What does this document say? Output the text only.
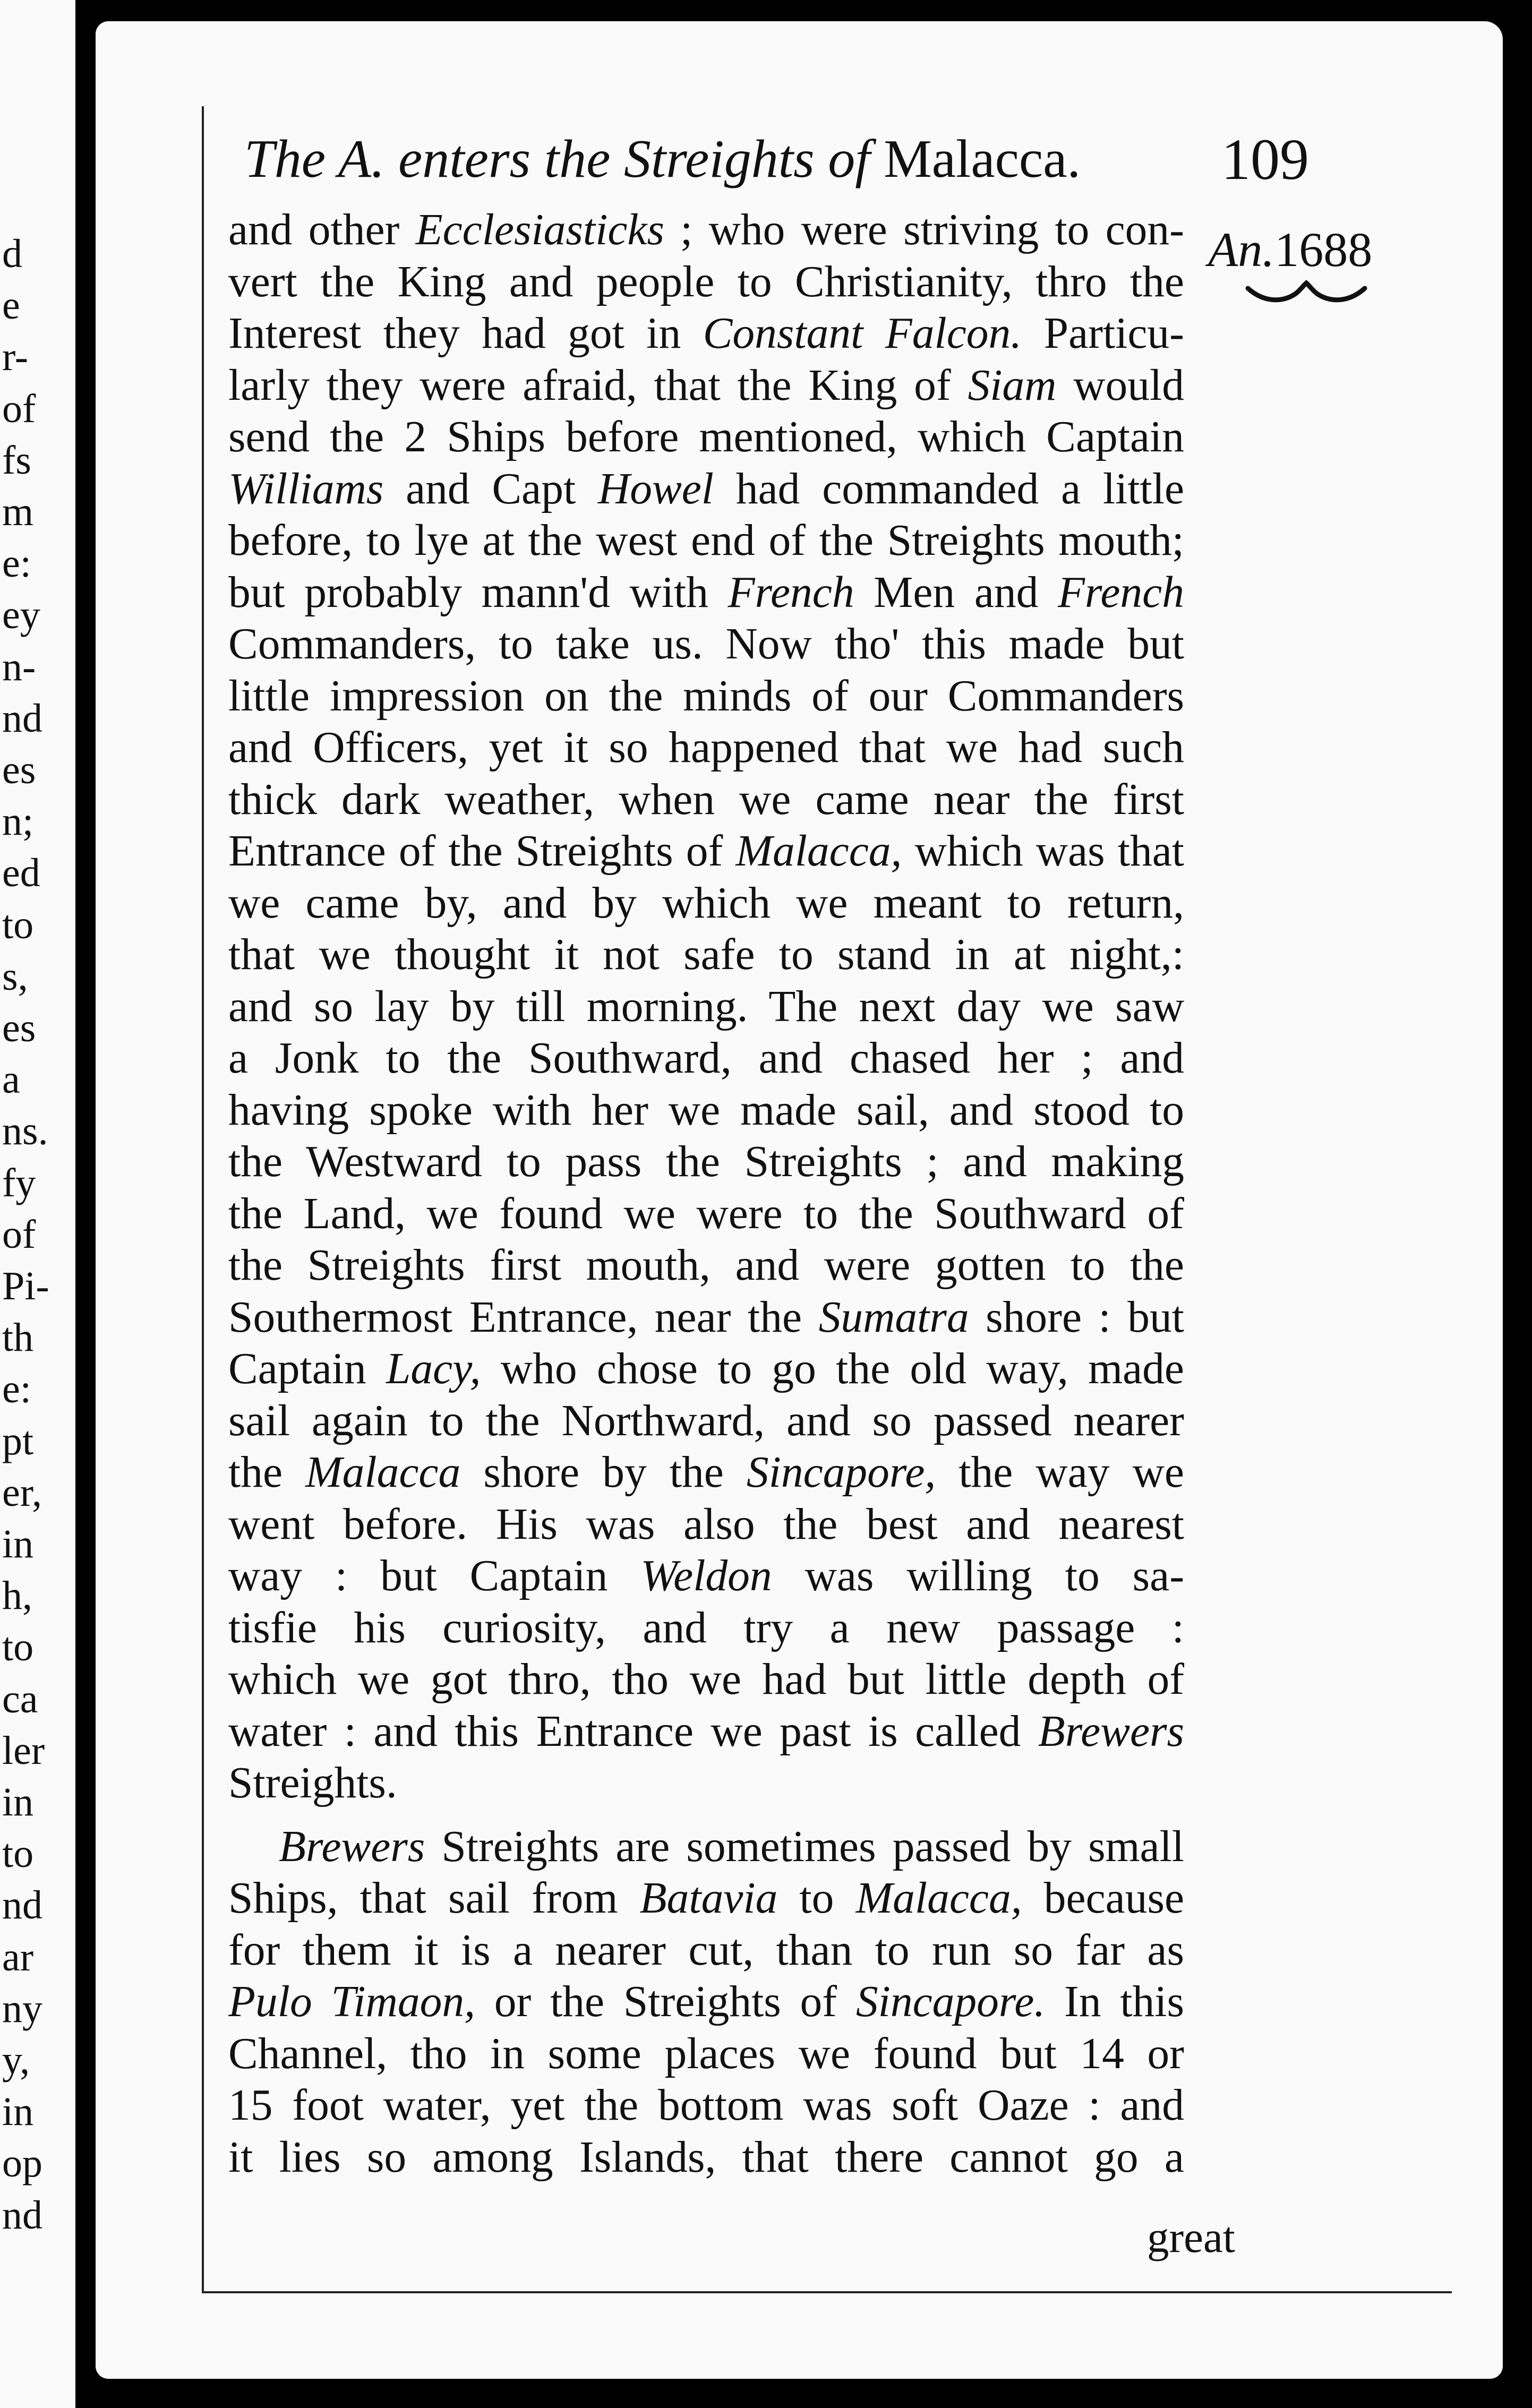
d
e
r-
of
fs
m
e:
ey
n-
nd
es
n;
ed
to
s,
es
a
ns.
fy
of
Pi-
th
e:
pt
er,
in
h,
to
ca
ler
in
to
nd
ar
ny
y,
in
op
nd
The A. enters the Streights of Malacca.	109
An.1688
and other Ecclesiasticks ; who were striving to con-
vert the King and people to Christianity, thro the
Interest they had got in Constant Falcon. Particu-
larly they were afraid, that the King of Siam would
send the 2 Ships before mentioned, which Captain
Williams and Capt Howel had commanded a little
before, to lye at the west end of the Streights mouth;
but probably mann'd with French Men and French
Commanders, to take us. Now tho' this made but
little impression on the minds of our Commanders
and Officers, yet it so happened that we had such
thick dark weather, when we came near the first
Entrance of the Streights of Malacca, which was that
we came by, and by which we meant to return,
that we thought it not safe to stand in at night,:
and so lay by till morning. The next day we saw
a Jonk to the Southward, and chased her ; and
having spoke with her we made sail, and stood to
the Westward to pass the Streights ; and making
the Land, we found we were to the Southward of
the Streights first mouth, and were gotten to the
Southermost Entrance, near the Sumatra shore : but
Captain Lacy, who chose to go the old way, made
sail again to the Northward, and so passed nearer
the Malacca shore by the Sincapore, the way we
went before. His was also the best and nearest
way : but Captain Weldon was willing to sa-
tisfie his curiosity, and try a new passage :
which we got thro, tho we had but little depth of
water : and this Entrance we past is called Brewers
Streights.
Brewers Streights are sometimes passed by small
Ships, that sail from Batavia to Malacca, because
for them it is a nearer cut, than to run so far as
Pulo Timaon, or the Streights of Sincapore. In this
Channel, tho in some places we found but 14 or
15 foot water, yet the bottom was soft Oaze : and
it lies so among Islands, that there cannot go a
great
